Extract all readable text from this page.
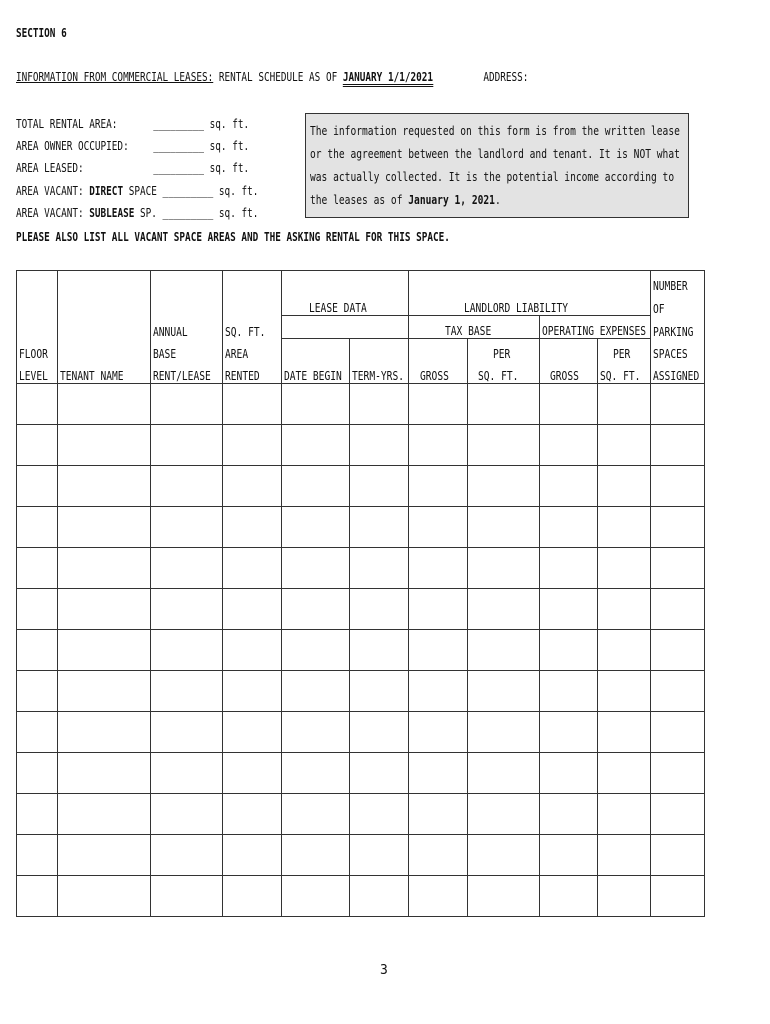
SECTION 6
INFORMATION FROM COMMERCIAL LEASES: RENTAL SCHEDULE AS OF JANUARY 1/1/2021	ADDRESS:
TOTAL RENTAL AREA:	_________ sq. ft.
AREA OWNER OCCUPIED: _________ sq. ft.
AREA LEASED:	_________ sq. ft.
AREA VACANT: DIRECT SPACE _________ sq. ft.
AREA VACANT: SUBLEASE SP. _________ sq. ft.
The information requested on this form is from the written lease or the agreement between the landlord and tenant. It is NOT what was actually collected. It is the potential income according to the leases as of January 1, 2021.
PLEASE ALSO LIST ALL VACANT SPACE AREAS AND THE ASKING RENTAL FOR THIS SPACE.
										NUMBER
				LEASE DATA		LANDLORD LIABILITY				OF
		ANNUAL	SQ. FT.			TAX BASE		OPERATING EXPENSES		PARKING
FLOOR		BASE	AREA				PER		PER	SPACES
LEVEL	TENANT NAME	RENT/LEASE	RENTED	DATE BEGIN	TERM-YRS.	GROSS	SQ. FT.	GROSS	SQ. FT.	ASSIGNED

3
